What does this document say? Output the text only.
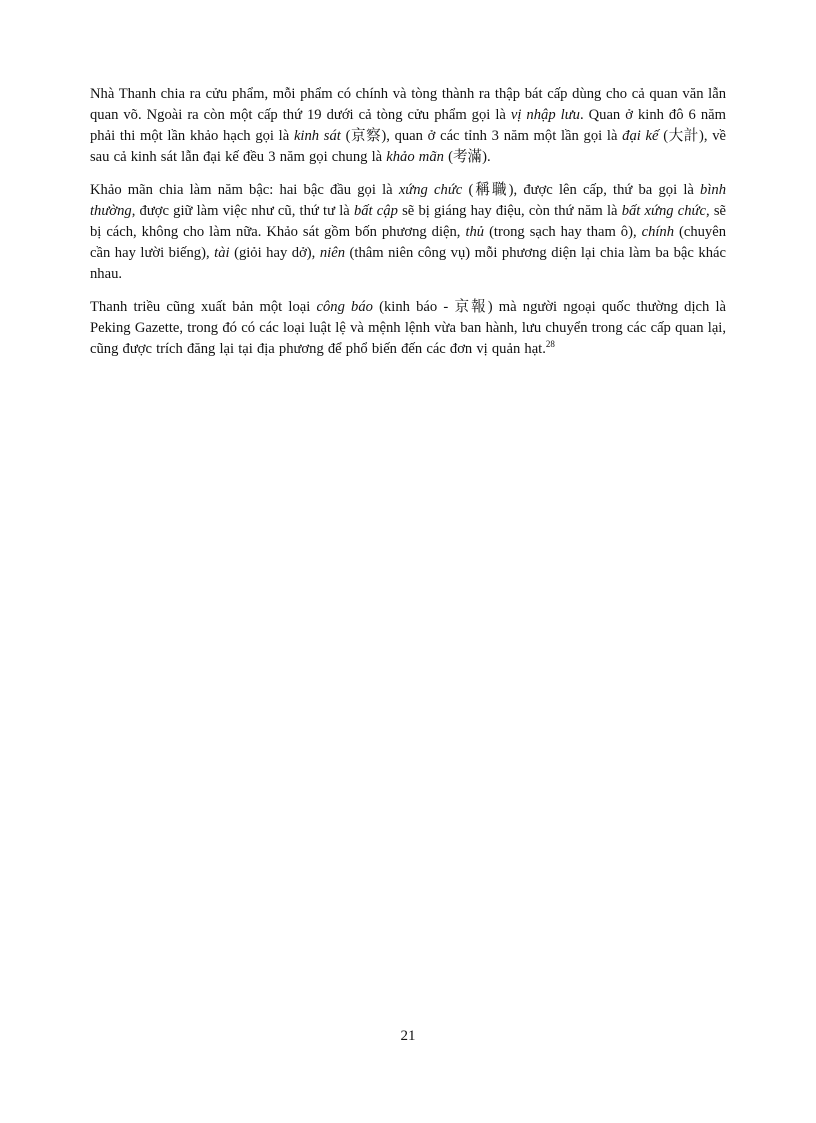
Nhà Thanh chia ra cửu phẩm, mỗi phẩm có chính và tòng thành ra thập bát cấp dùng cho cả quan văn lẫn quan võ. Ngoài ra còn một cấp thứ 19 dưới cả tòng cửu phẩm gọi là vị nhập lưu. Quan ở kinh đô 6 năm phải thi một lần khảo hạch gọi là kinh sát (京察), quan ở các tỉnh 3 năm một lần gọi là đại kế (大計), về sau cả kinh sát lẫn đại kế đều 3 năm gọi chung là khảo mãn (考滿).

Khảo mãn chia làm năm bậc: hai bậc đầu gọi là xứng chức (稱職), được lên cấp, thứ ba gọi là bình thường, được giữ làm việc như cũ, thứ tư là bất cập sẽ bị giáng hay điệu, còn thứ năm là bất xứng chức, sẽ bị cách, không cho làm nữa. Khảo sát gồm bốn phương diện, thủ (trong sạch hay tham ô), chính (chuyên cần hay lười biếng), tài (giỏi hay dở), niên (thâm niên công vụ) mỗi phương diện lại chia làm ba bậc khác nhau.

Thanh triều cũng xuất bản một loại công báo (kinh báo - 京報) mà người ngoại quốc thường dịch là Peking Gazette, trong đó có các loại luật lệ và mệnh lệnh vừa ban hành, lưu chuyển trong các cấp quan lại, cũng được trích đăng lại tại địa phương để phổ biến đến các đơn vị quản hạt.$^{28}$

21
